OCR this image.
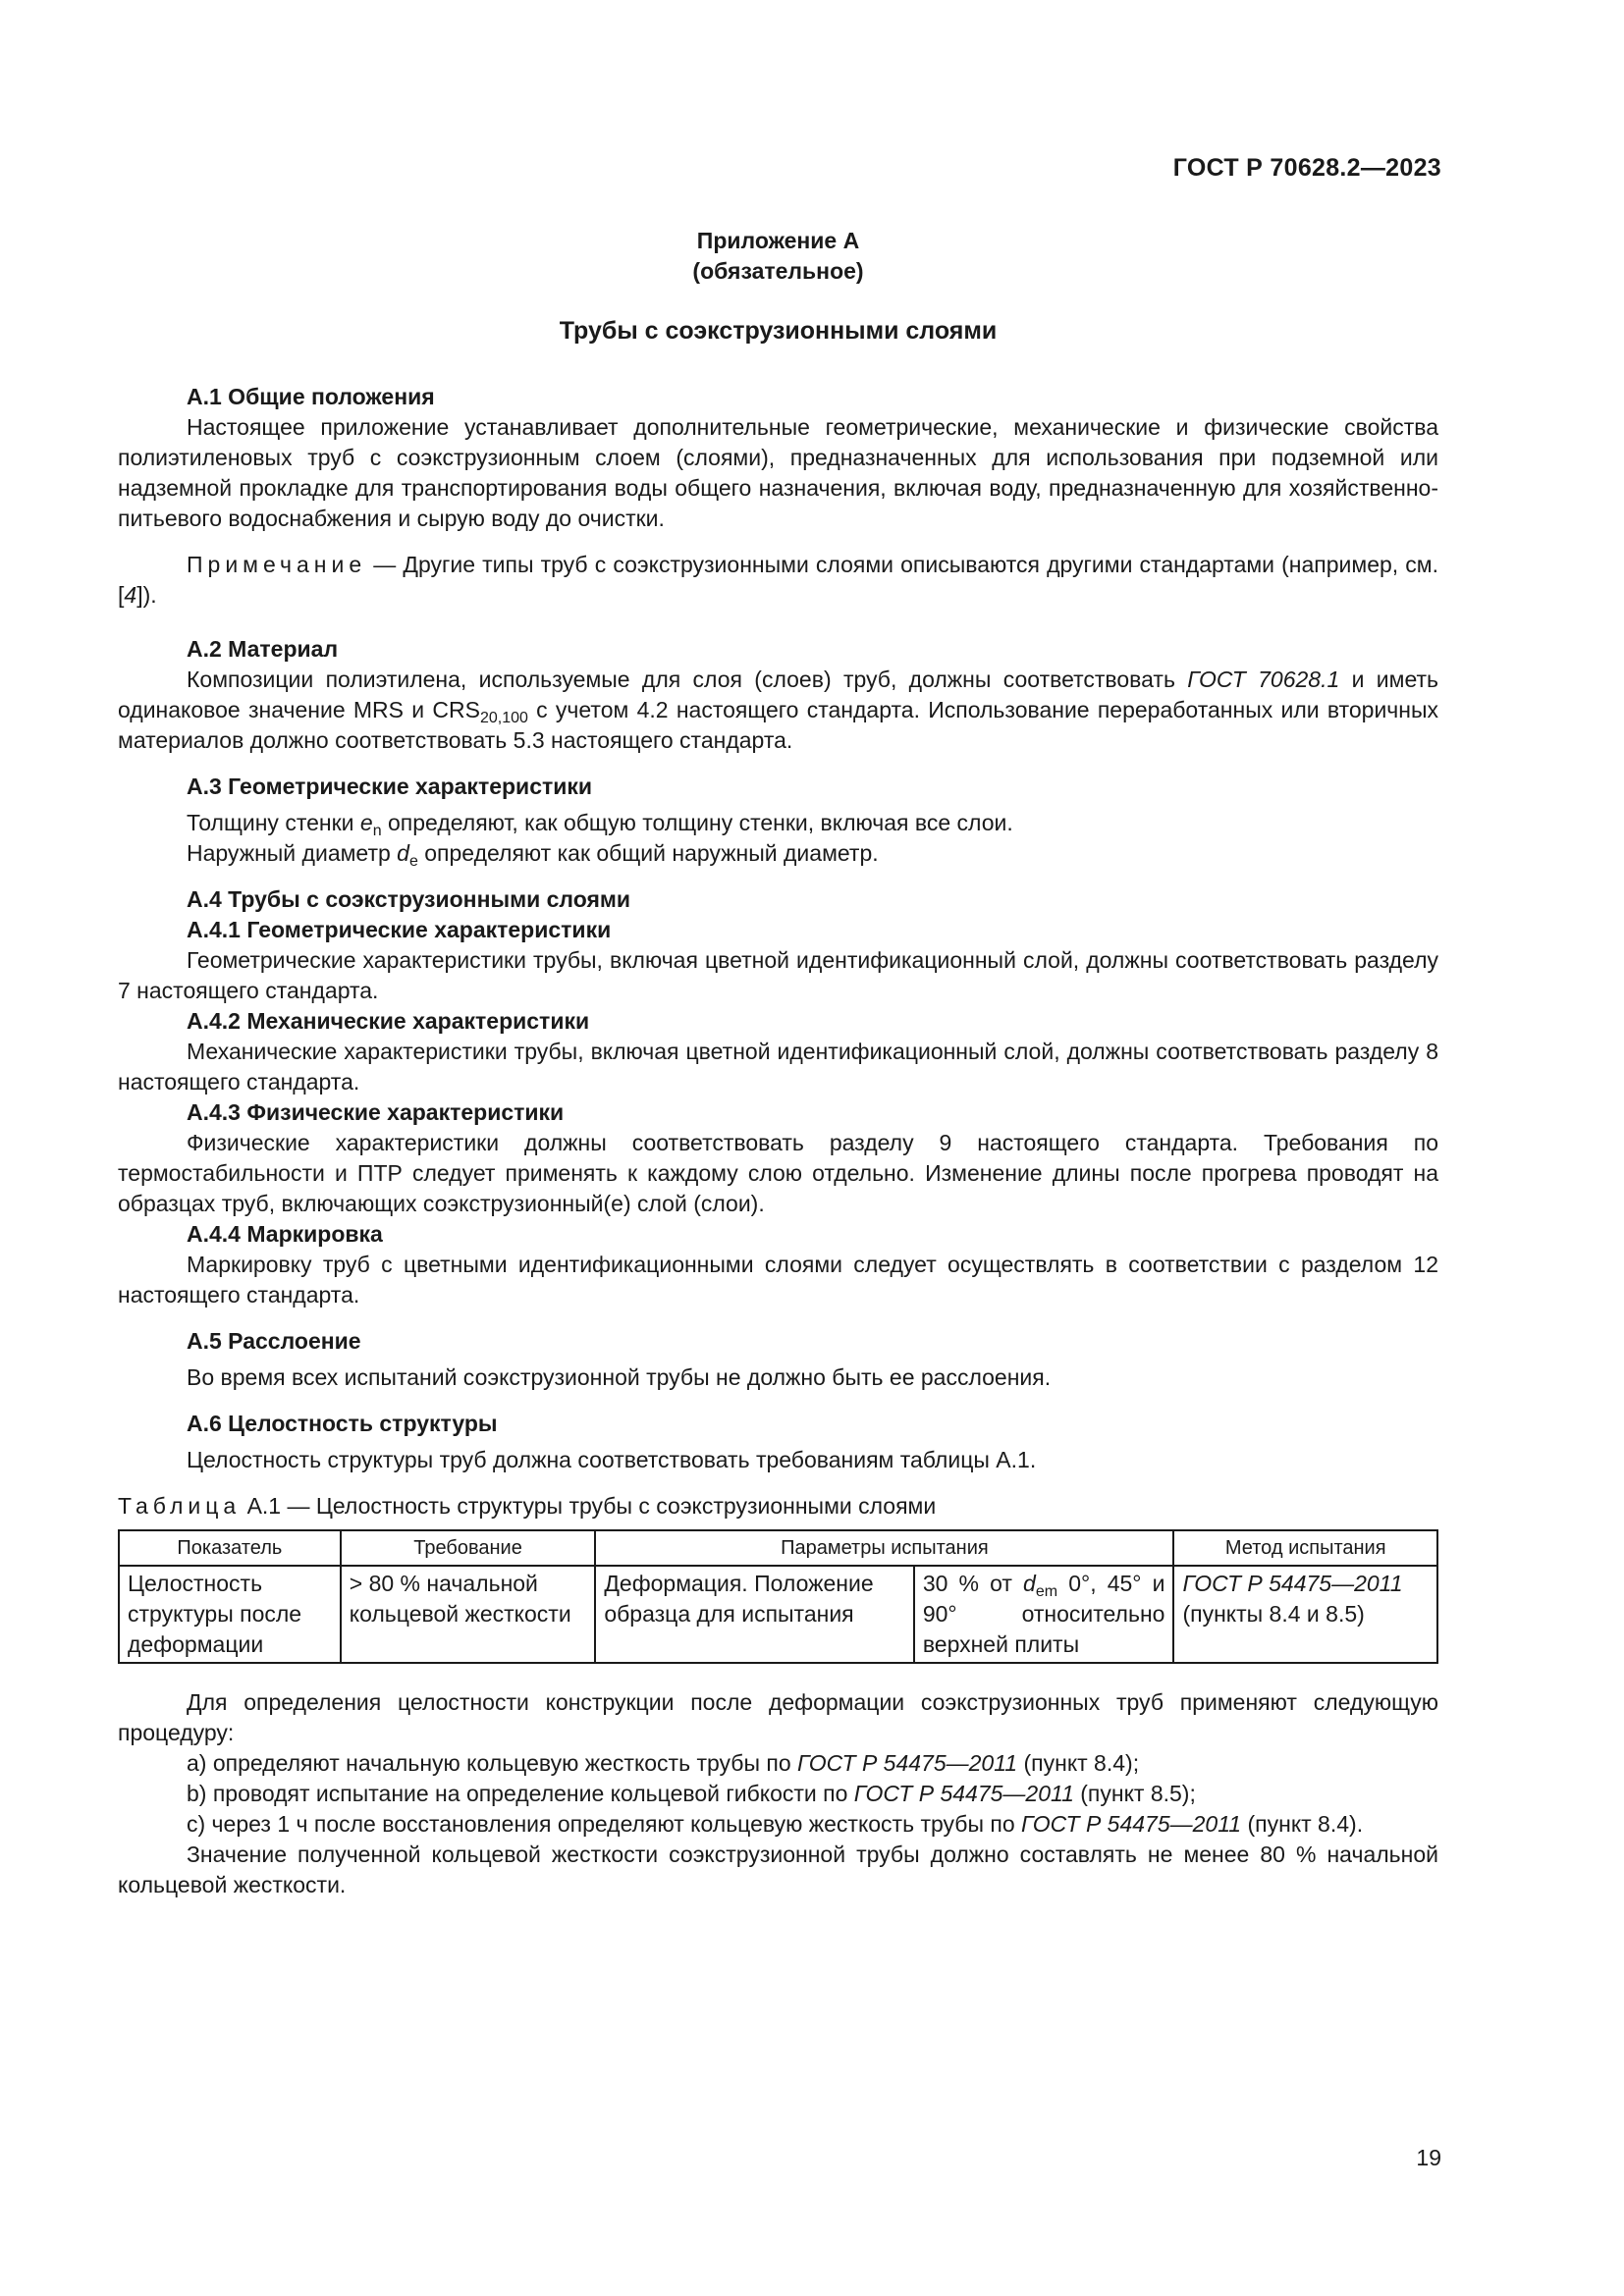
ГОСТ Р 70628.2—2023

Приложение А

(обязательное)

Трубы с соэкструзионными слоями

А.1 Общие положения

Настоящее приложение устанавливает дополнительные геометрические, механические и физические свойства полиэтиленовых труб с соэкструзионным слоем (слоями), предназначенных для использования при подземной или надземной прокладке для транспортирования воды общего назначения, включая воду, предназначенную для хозяйственно-питьевого водоснабжения и сырую воду до очистки.

Примечание — Другие типы труб с соэкструзионными слоями описываются другими стандартами (например, см. [4]).

А.2 Материал

Композиции полиэтилена, используемые для слоя (слоев) труб, должны соответствовать ГОСТ 70628.1 и иметь одинаковое значение MRS и $CRS_{20,100}$ с учетом 4.2 настоящего стандарта. Использование переработанных или вторичных материалов должно соответствовать 5.3 настоящего стандарта.

А.3 Геометрические характеристики

Толщину стенки $e_n$ определяют, как общую толщину стенки, включая все слои.

Наружный диаметр $d_e$ определяют как общий наружный диаметр.

А.4 Трубы с соэкструзионными слоями
А.4.1 Геометрические характеристики

Геометрические характеристики трубы, включая цветной идентификационный слой, должны соответствовать разделу 7 настоящего стандарта.

А.4.2 Механические характеристики

Механические характеристики трубы, включая цветной идентификационный слой, должны соответствовать разделу 8 настоящего стандарта.

А.4.3 Физические характеристики

Физические характеристики должны соответствовать разделу 9 настоящего стандарта. Требования по термостабильности и ПТР следует применять к каждому слою отдельно. Изменение длины после прогрева проводят на образцах труб, включающих соэкструзионный(е) слой (слои).

А.4.4 Маркировка

Маркировку труб с цветными идентификационными слоями следует осуществлять в соответствии с разделом 12 настоящего стандарта.

А.5 Расслоение

Во время всех испытаний соэкструзионной трубы не должно быть ее расслоения.

А.6 Целостность структуры

Целостность структуры труб должна соответствовать требованиям таблицы А.1.

Таблица А.1 — Целостность структуры трубы с соэкструзионными слоями

Показатель	Требование	Параметры испытания		Метод испытания
Целостность структуры после деформации	> 80 % начальной кольцевой жесткости	Деформация. Положение образца для испытания	30 % от $d_{em}$ 0°, 45° и 90° относительно верхней плиты	ГОСТ Р 54475—2011
(пункты 8.4 и 8.5)

Для определения целостности конструкции после деформации соэкструзионных труб применяют следующую процедуру:

a) определяют начальную кольцевую жесткость трубы по ГОСТ Р 54475—2011 (пункт 8.4);
b) проводят испытание на определение кольцевой гибкости по ГОСТ Р 54475—2011 (пункт 8.5);

c) через 1 ч после восстановления определяют кольцевую жесткость трубы по ГОСТ Р 54475—2011 (пункт 8.4).

Значение полученной кольцевой жесткости соэкструзионной трубы должно составлять не менее 80 % начальной кольцевой жесткости.

19
